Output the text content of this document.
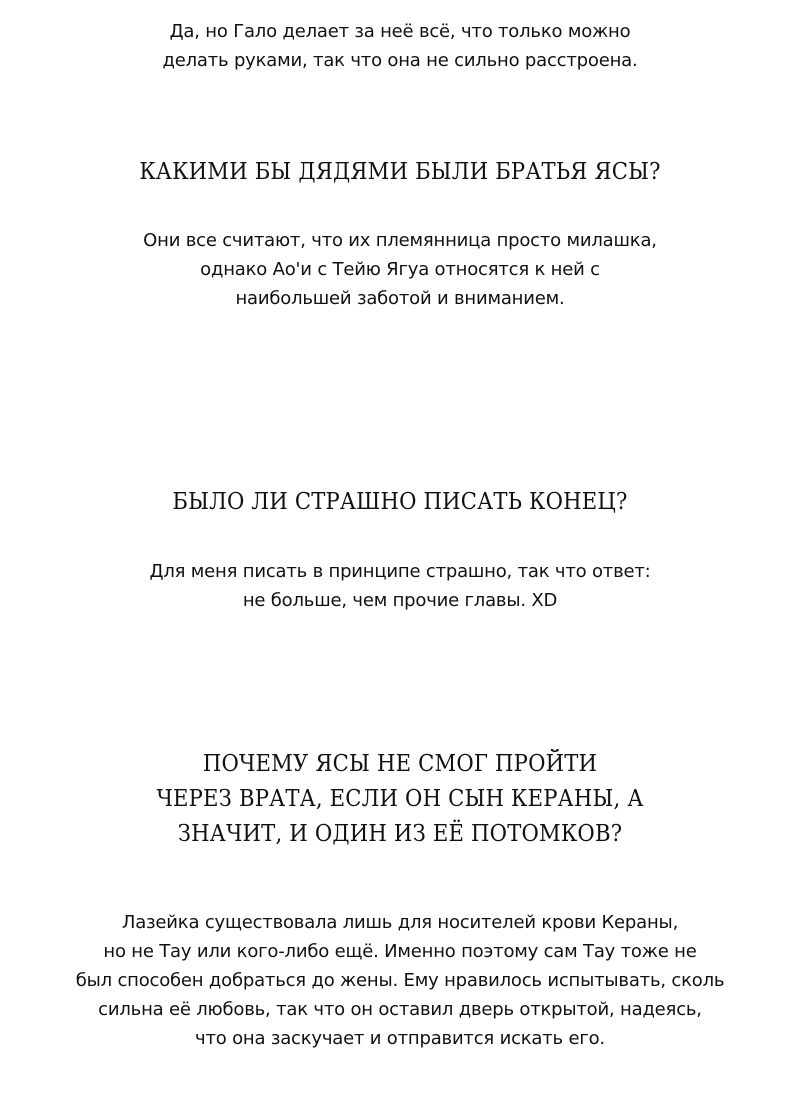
Да, но Гало делает за неё всё, что только можно
делать руками, так что она не сильно расстроена.

КАКИМИ БЫ ДЯДЯМИ БЫЛИ БРАТЬЯ ЯСЫ?

Они все считают, что их племянница просто милашка,
однако Ао'и с Тейю Ягуа относятся к ней с
наибольшей заботой и вниманием.

БЫЛО ЛИ СТРАШНО ПИСАТЬ КОНЕЦ?

Для меня писать в принципе страшно, так что ответ:
не больше, чем прочие главы. XD

ПОЧЕМУ ЯСЫ НЕ СМОГ ПРОЙТИ
ЧЕРЕЗ ВРАТА, ЕСЛИ ОН СЫН КЕРАНЫ, А
ЗНАЧИТ, И ОДИН ИЗ ЕЁ ПОТОМКОВ?

Лазейка существовала лишь для носителей крови Кераны,
но не Тау или кого-либо ещё. Именно поэтому сам Тау тоже не
был способен добраться до жены. Ему нравилось испытывать, сколь
сильна её любовь, так что он оставил дверь открытой, надеясь,
что она заскучает и отправится искать его.
